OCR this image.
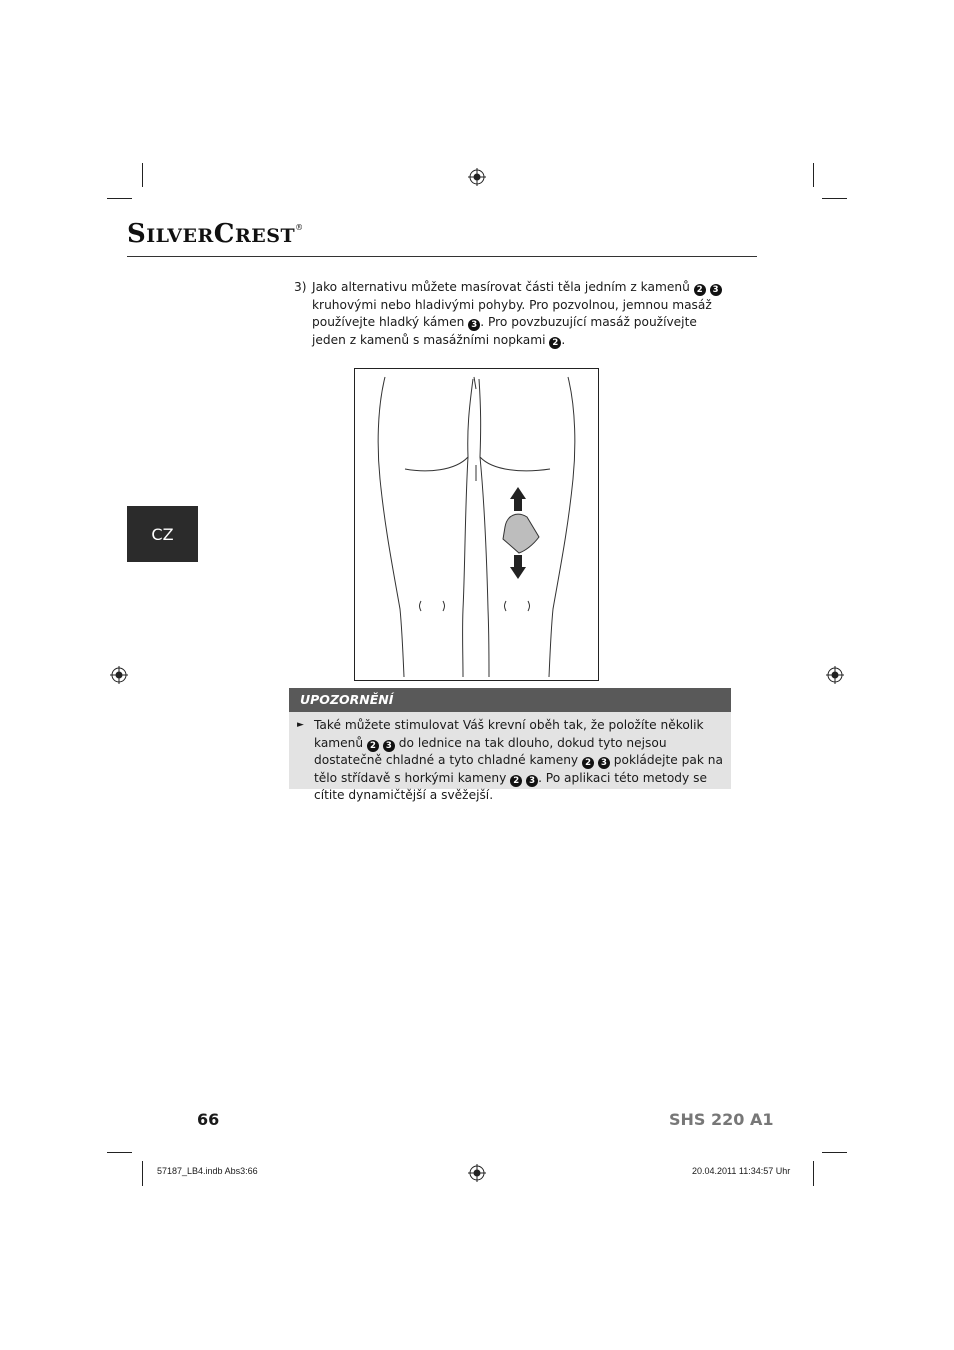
SILVERCREST®
CZ
3) Jako alternativu můžete masírovat části těla jedním z kamenů 2 3 kruhovými nebo hladivými pohyby. Pro pozvolnou, jemnou masáž používejte hladký kámen 3 . Pro povzbuzující masáž používejte jeden z kamenů s masážními nopkami 2 .
UPOZORNĚNÍ
► Také můžete stimulovat Váš krevní oběh tak, že položíte několik kamenů 2 3 do lednice na tak dlouho, dokud tyto nejsou dostatečně chladné a tyto chladné kameny 2 3 pokládejte pak na tělo střídavě s horkými kameny 2 3 . Po aplikaci této metody se cítite dynamičtější a svěžejší.
66	SHS 220 A1
57187_LB4.indb Abs3:66	20.04.2011 11:34:57 Uhr
